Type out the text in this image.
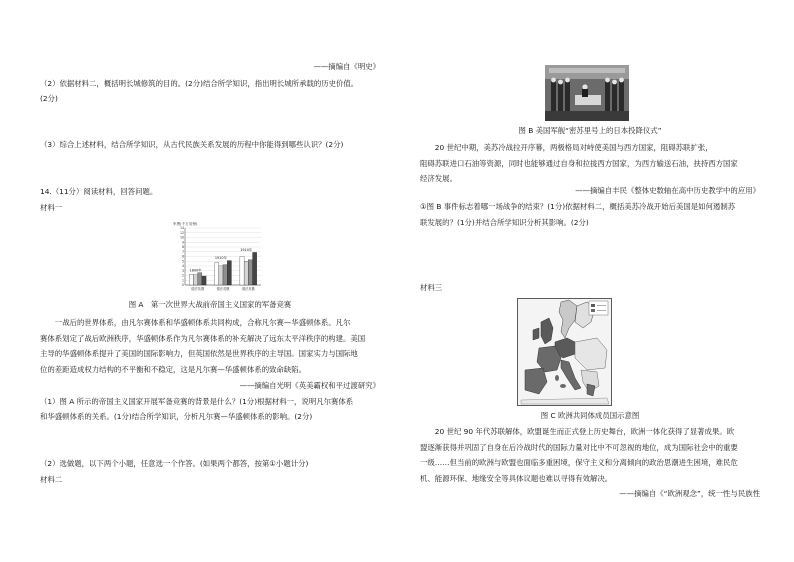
——摘编自《明史》
（2）依据材料二，概括明长城修筑的目的。(2分)结合所学知识，指出明长城所承载的历史价值。
(2分)
（3）综合上述材料，结合所学知识，从古代民族关系发展的历程中你能得到哪些认识？(2分)
14.（11分）阅读材料，回答问题。
材料一
军费(千万英镑)
14
12
10
9
8
7
6
5
4
3
2
1
0
1890年
德法英俄
1910年
德法英俄
1914年
德法英俄
图 A　第一次世界大战前帝国主义国家的军备竞赛

一战后的世界体系，由凡尔赛体系和华盛顿体系共同构成，合称凡尔赛—华盛顿体系。凡尔

赛体系划定了战后欧洲秩序，华盛顿体系作为凡尔赛体系的补充解决了远东太平洋秩序的构建。美国

主导的华盛顿体系提升了美国的国际影响力，但英国依然是世界秩序的主导国。国家实力与国际地

位的差距造成权力结构的不平衡和不稳定，这是凡尔赛—华盛顿体系的致命缺陷。

——摘编自光明《英美霸权和平过渡研究》
（1）图 A 所示的帝国主义国家开展军备竞赛的背景是什么？(1分)根据材料一，说明凡尔赛体系
和华盛顿体系的关系。(1分)结合所学知识，分析凡尔赛—华盛顿体系的影响。(2分)
（2）选做题，以下两个小题，任意选一个作答。(如果两个都答，按第①小题计分)
材料二
图 B 美国军舰“密苏里号上的日本投降仪式”

20 世纪中期，美苏冷战拉开序幕，两极格局对峙使美国与西方国家，阻碍苏联扩张，

阻碍苏联进口石油等资源，同时也能够通过自身和拉拢西方国家，为西方输送石油，扶持西方国家

经济发展。

——摘编自丰民《整体史数轴在高中历史教学中的应用》
①图 B 事件标志着哪一场战争的结束？(1分)依据材料二，概括美苏冷战开始后美国是如何遏制苏
联发展的？(1分)并结合所学知识分析其影响。(2分)
材料三
图 C 欧洲共同体成员国示意图

20 世纪 90 年代苏联解体，欧盟诞生而正式登上历史舞台，欧洲一体化获得了显著成果。欧

盟逐渐获得并巩固了自身在后冷战时代的国际力量对比中不可忽视的地位，成为国际社会中的重要

一级……但当前的欧洲与欧盟也面临多重困境，保守主义和分离倾向的政治思潮进生困境，难民危

机、能源环保、地缘安全等具体议题也难以寻得有效解决。

——摘编自《“欧洲观念”，统一性与民族性
